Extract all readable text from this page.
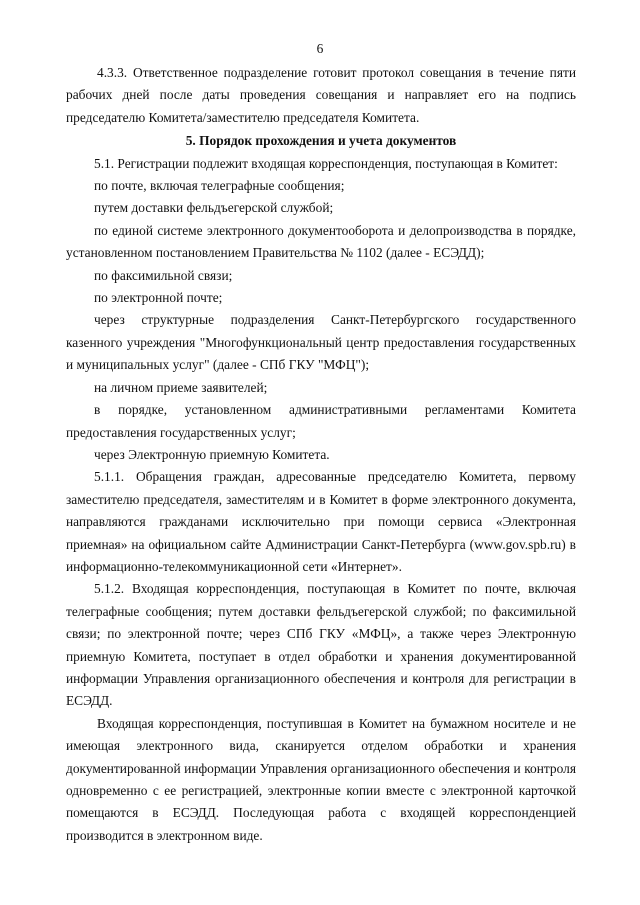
6

4.3.3. Ответственное подразделение готовит протокол совещания в течение пяти рабочих дней после даты проведения совещания и направляет его на подпись председателю Комитета/заместителю председателя Комитета.

5. Порядок прохождения и учета документов

5.1. Регистрации подлежит входящая корреспонденция, поступающая в Комитет:

по почте, включая телеграфные сообщения;

путем доставки фельдъегерской службой;

по единой системе электронного документооборота и делопроизводства в порядке, установленном постановлением Правительства № 1102 (далее - ЕСЭДД);

по факсимильной связи;

по электронной почте;

через структурные подразделения Санкт-Петербургского государственного казенного учреждения "Многофункциональный центр предоставления государственных и муниципальных услуг" (далее - СПб ГКУ "МФЦ");

на личном приеме заявителей;

в порядке, установленном административными регламентами Комитета предоставления государственных услуг;

через Электронную приемную Комитета.

5.1.1. Обращения граждан, адресованные председателю Комитета, первому заместителю председателя, заместителям и в Комитет в форме электронного документа, направляются гражданами исключительно при помощи сервиса «Электронная приемная» на официальном сайте Администрации Санкт-Петербурга (www.gov.spb.ru) в информационно-телекоммуникационной сети «Интернет».

5.1.2. Входящая корреспонденция, поступающая в Комитет по почте, включая телеграфные сообщения; путем доставки фельдъегерской службой; по факсимильной связи; по электронной почте; через СПб ГКУ «МФЦ», а также через Электронную приемную Комитета, поступает в отдел обработки и хранения документированной информации Управления организационного обеспечения и контроля для регистрации в ЕСЭДД.

Входящая корреспонденция, поступившая в Комитет на бумажном носителе и не имеющая электронного вида, сканируется отделом обработки и хранения документированной информации Управления организационного обеспечения и контроля одновременно с ее регистрацией, электронные копии вместе с электронной карточкой помещаются в ЕСЭДД. Последующая работа с входящей корреспонденцией производится в электронном виде.
